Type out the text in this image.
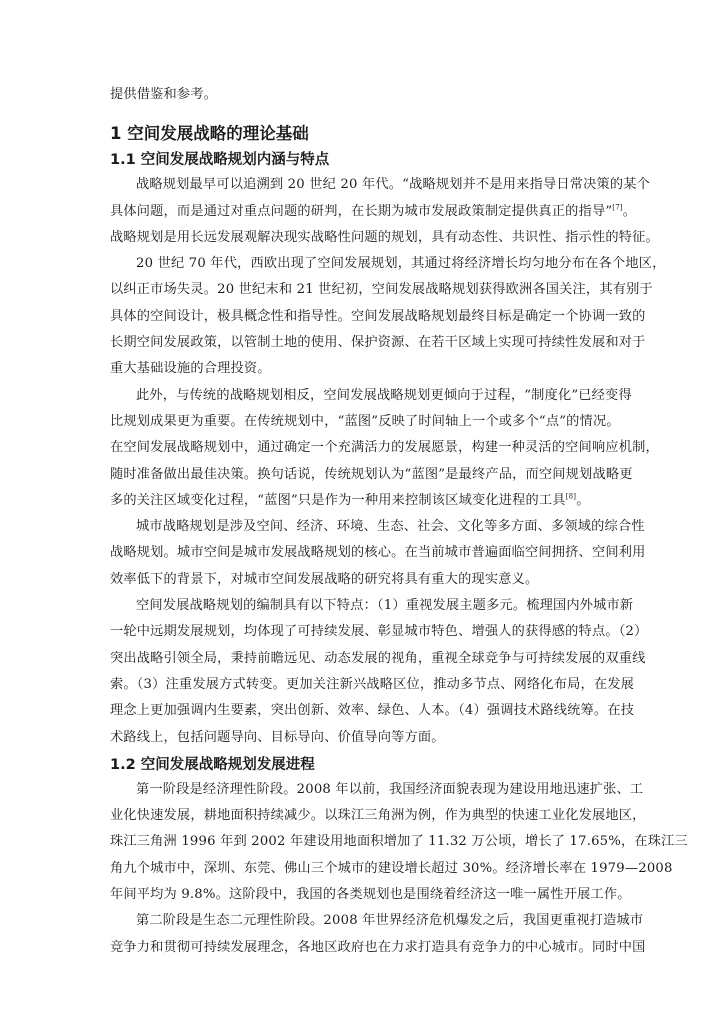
提供借鉴和参考。
1 空间发展战略的理论基础
1.1 空间发展战略规划内涵与特点
战略规划最早可以追溯到 20 世纪 20 年代。“战略规划并不是用来指导日常决策的某个
具体问题，而是通过对重点问题的研判，在长期为城市发展政策制定提供真正的指导”[7]。
战略规划是用长远发展观解决现实战略性问题的规划，具有动态性、共识性、指示性的特征。
20 世纪 70 年代，西欧出现了空间发展规划，其通过将经济增长均匀地分布在各个地区，
以纠正市场失灵。20 世纪末和 21 世纪初，空间发展战略规划获得欧洲各国关注，其有别于
具体的空间设计，极具概念性和指导性。空间发展战略规划最终目标是确定一个协调一致的
长期空间发展政策，以管制土地的使用、保护资源、在若干区域上实现可持续性发展和对于
重大基础设施的合理投资。
此外，与传统的战略规划相反，空间发展战略规划更倾向于过程，“制度化”已经变得
比规划成果更为重要。在传统规划中，“蓝图”反映了时间轴上一个或多个“点”的情况。
在空间发展战略规划中，通过确定一个充满活力的发展愿景，构建一种灵活的空间响应机制，
随时准备做出最佳决策。换句话说，传统规划认为“蓝图”是最终产品，而空间规划战略更
多的关注区域变化过程，“蓝图”只是作为一种用来控制该区域变化进程的工具[8]。
城市战略规划是涉及空间、经济、环境、生态、社会、文化等多方面、多领域的综合性
战略规划。城市空间是城市发展战略规划的核心。在当前城市普遍面临空间拥挤、空间利用
效率低下的背景下，对城市空间发展战略的研究将具有重大的现实意义。
空间发展战略规划的编制具有以下特点：（1）重视发展主题多元。梳理国内外城市新
一轮中远期发展规划，均体现了可持续发展、彰显城市特色、增强人的获得感的特点。（2）
突出战略引领全局，秉持前瞻远见、动态发展的视角，重视全球竞争与可持续发展的双重线
索。（3）注重发展方式转变。更加关注新兴战略区位，推动多节点、网络化布局，在发展
理念上更加强调内生要素，突出创新、效率、绿色、人本。（4）强调技术路线统筹。在技
术路线上，包括问题导向、目标导向、价值导向等方面。
1.2 空间发展战略规划发展进程
第一阶段是经济理性阶段。2008 年以前，我国经济面貌表现为建设用地迅速扩张、工
业化快速发展，耕地面积持续减少。以珠江三角洲为例，作为典型的快速工业化发展地区，
珠江三角洲 1996 年到 2002 年建设用地面积增加了 11.32 万公顷，增长了 17.65%，在珠江三
角九个城市中，深圳、东莞、佛山三个城市的建设增长超过 30%。经济增长率在 1979—2008
年间平均为 9.8%。这阶段中，我国的各类规划也是围绕着经济这一唯一属性开展工作。
第二阶段是生态二元理性阶段。2008 年世界经济危机爆发之后，我国更重视打造城市
竞争力和贯彻可持续发展理念，各地区政府也在力求打造具有竞争力的中心城市。同时中国
